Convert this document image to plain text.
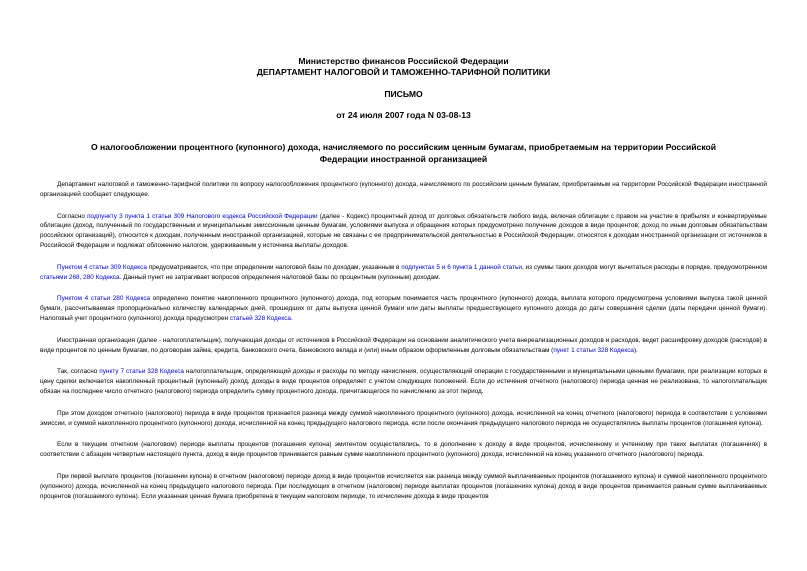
Министерство финансов Российской Федерации
ДЕПАРТАМЕНТ НАЛОГОВОЙ И ТАМОЖЕННО-ТАРИФНОЙ ПОЛИТИКИ
ПИСЬМО
от 24 июля 2007 года N 03-08-13
О налогообложении процентного (купонного) дохода, начисляемого по российским ценным бумагам, приобретаемым на территории Российской Федерации иностранной организацией

Департамент налоговой и таможенно-тарифной политики по вопросу налогообложения процентного (купонного) дохода, начисляемого по российским ценным бумагам, приобретаемым на территории Российской Федерации иностранной организацией сообщает следующее.

Согласно подпункту 3 пункта 1 статьи 309 Налогового кодекса Российской Федерации (далее - Кодекс) процентный доход от долговых обязательств любого вида, включая облигации с правом на участие в прибылях и конвертируемые облигации (доход, полученный по государственным и муниципальным эмиссионным ценным бумагам, условиями выпуска и обращения которых предусмотрено получение доходов в виде процентов; доход по иным долговым обязательствам российских организаций), относится к доходам, полученным иностранной организацией, которые не связаны с ее предпринимательской деятельностью в Российской Федерации, относятся к доходам иностранной организации от источников в Российской Федерации и подлежат обложению налогом, удерживаемым у источника выплаты доходов.

Пунктом 4 статьи 309 Кодекса предусматривается, что при определении налоговой базы по доходам, указанным в подпунктах 5 и 6 пункта 1 данной статьи, из суммы таких доходов могут вычитаться расходы в порядке, предусмотренном статьями 268, 280 Кодекса. Данный пункт не затрагивает вопросов определения налоговой базы по процентным (купонным) доходам.

Пунктом 4 статьи 280 Кодекса определено понятие накопленного процентного (купонного) дохода, под которым понимается часть процентного (купонного) дохода, выплата которого предусмотрена условиями выпуска такой ценной бумаги, рассчитываемая пропорционально количеству календарных дней, прошедших от даты выпуска ценной бумаги или даты выплаты предшествующего купонного дохода до даты совершения сделки (даты передачи ценной бумаги). Налоговый учет процентного (купонного) дохода предусмотрен статьей 328 Кодекса.

Иностранная организация (далее - налогоплательщик), получающая доходы от источников в Российской Федерации на основании аналитического учета внереализационных доходов и расходов, ведет расшифровку доходов (расходов) в виде процентов по ценным бумагам, по договорам займа, кредита, банковского счета, банковского вклада и (или) иным образом оформленным долговым обязательствам (пункт 1 статьи 328 Кодекса).

Так, согласно пункту 7 статьи 328 Кодекса налогоплательщик, определяющий доходы и расходы по методу начисления, осуществляющий операции с государственными и муниципальными ценными бумагами, при реализации которых в цену сделки включается накопленный процентный (купонный) доход, доходы в виде процентов определяет с учетом следующих положений. Если до истечения отчетного (налогового) периода ценная не реализована, то налогоплательщик обязан на последнее число отчетного (налогового) периода определить сумму процентного дохода, причитающегося по начислению за этот период.

При этом доходом отчетного (налогового) периода в виде процентов признается разница между суммой накопленного процентного (купонного) дохода, исчисленной на конец отчетного (налогового) периода в соответствии с условиями эмиссии, и суммой накопленного процентного (купонного) дохода, исчисленной на конец предыдущего налогового периода, если после окончания предыдущего налогового периода не осуществлялись выплаты процентов (погашения купона).

Если в текущем отчетном (налоговом) периоде выплаты процентов (погашения купона) эмитентом осуществлялись, то в дополнение к доходу в виде процентов, исчисленному и учтенному при таких выплатах (погашениях) в соответствии с абзацем четвертым настоящего пункта, доход в виде процентов принимается равным сумме накопленного процентного (купонного) дохода, исчисленной на конец указанного отчетного (налогового) периода.

При первой выплате процентов (погашении купона) в отчетном (налоговом) периоде доход в виде процентов исчисляется как разница между суммой выплачиваемых процентов (погашаемого купона) и суммой накопленного процентного (купонного) дохода, исчисленной на конец предыдущего налогового периода. При последующих в отчетном (налоговом) периоде выплатах процентов (погашениях купона) доход в виде процентов принимается равным сумме выплачиваемых процентов (погашаемого купона). Если указанная ценная бумага приобретена в текущем налоговом периоде, то исчисление дохода в виде процентов
